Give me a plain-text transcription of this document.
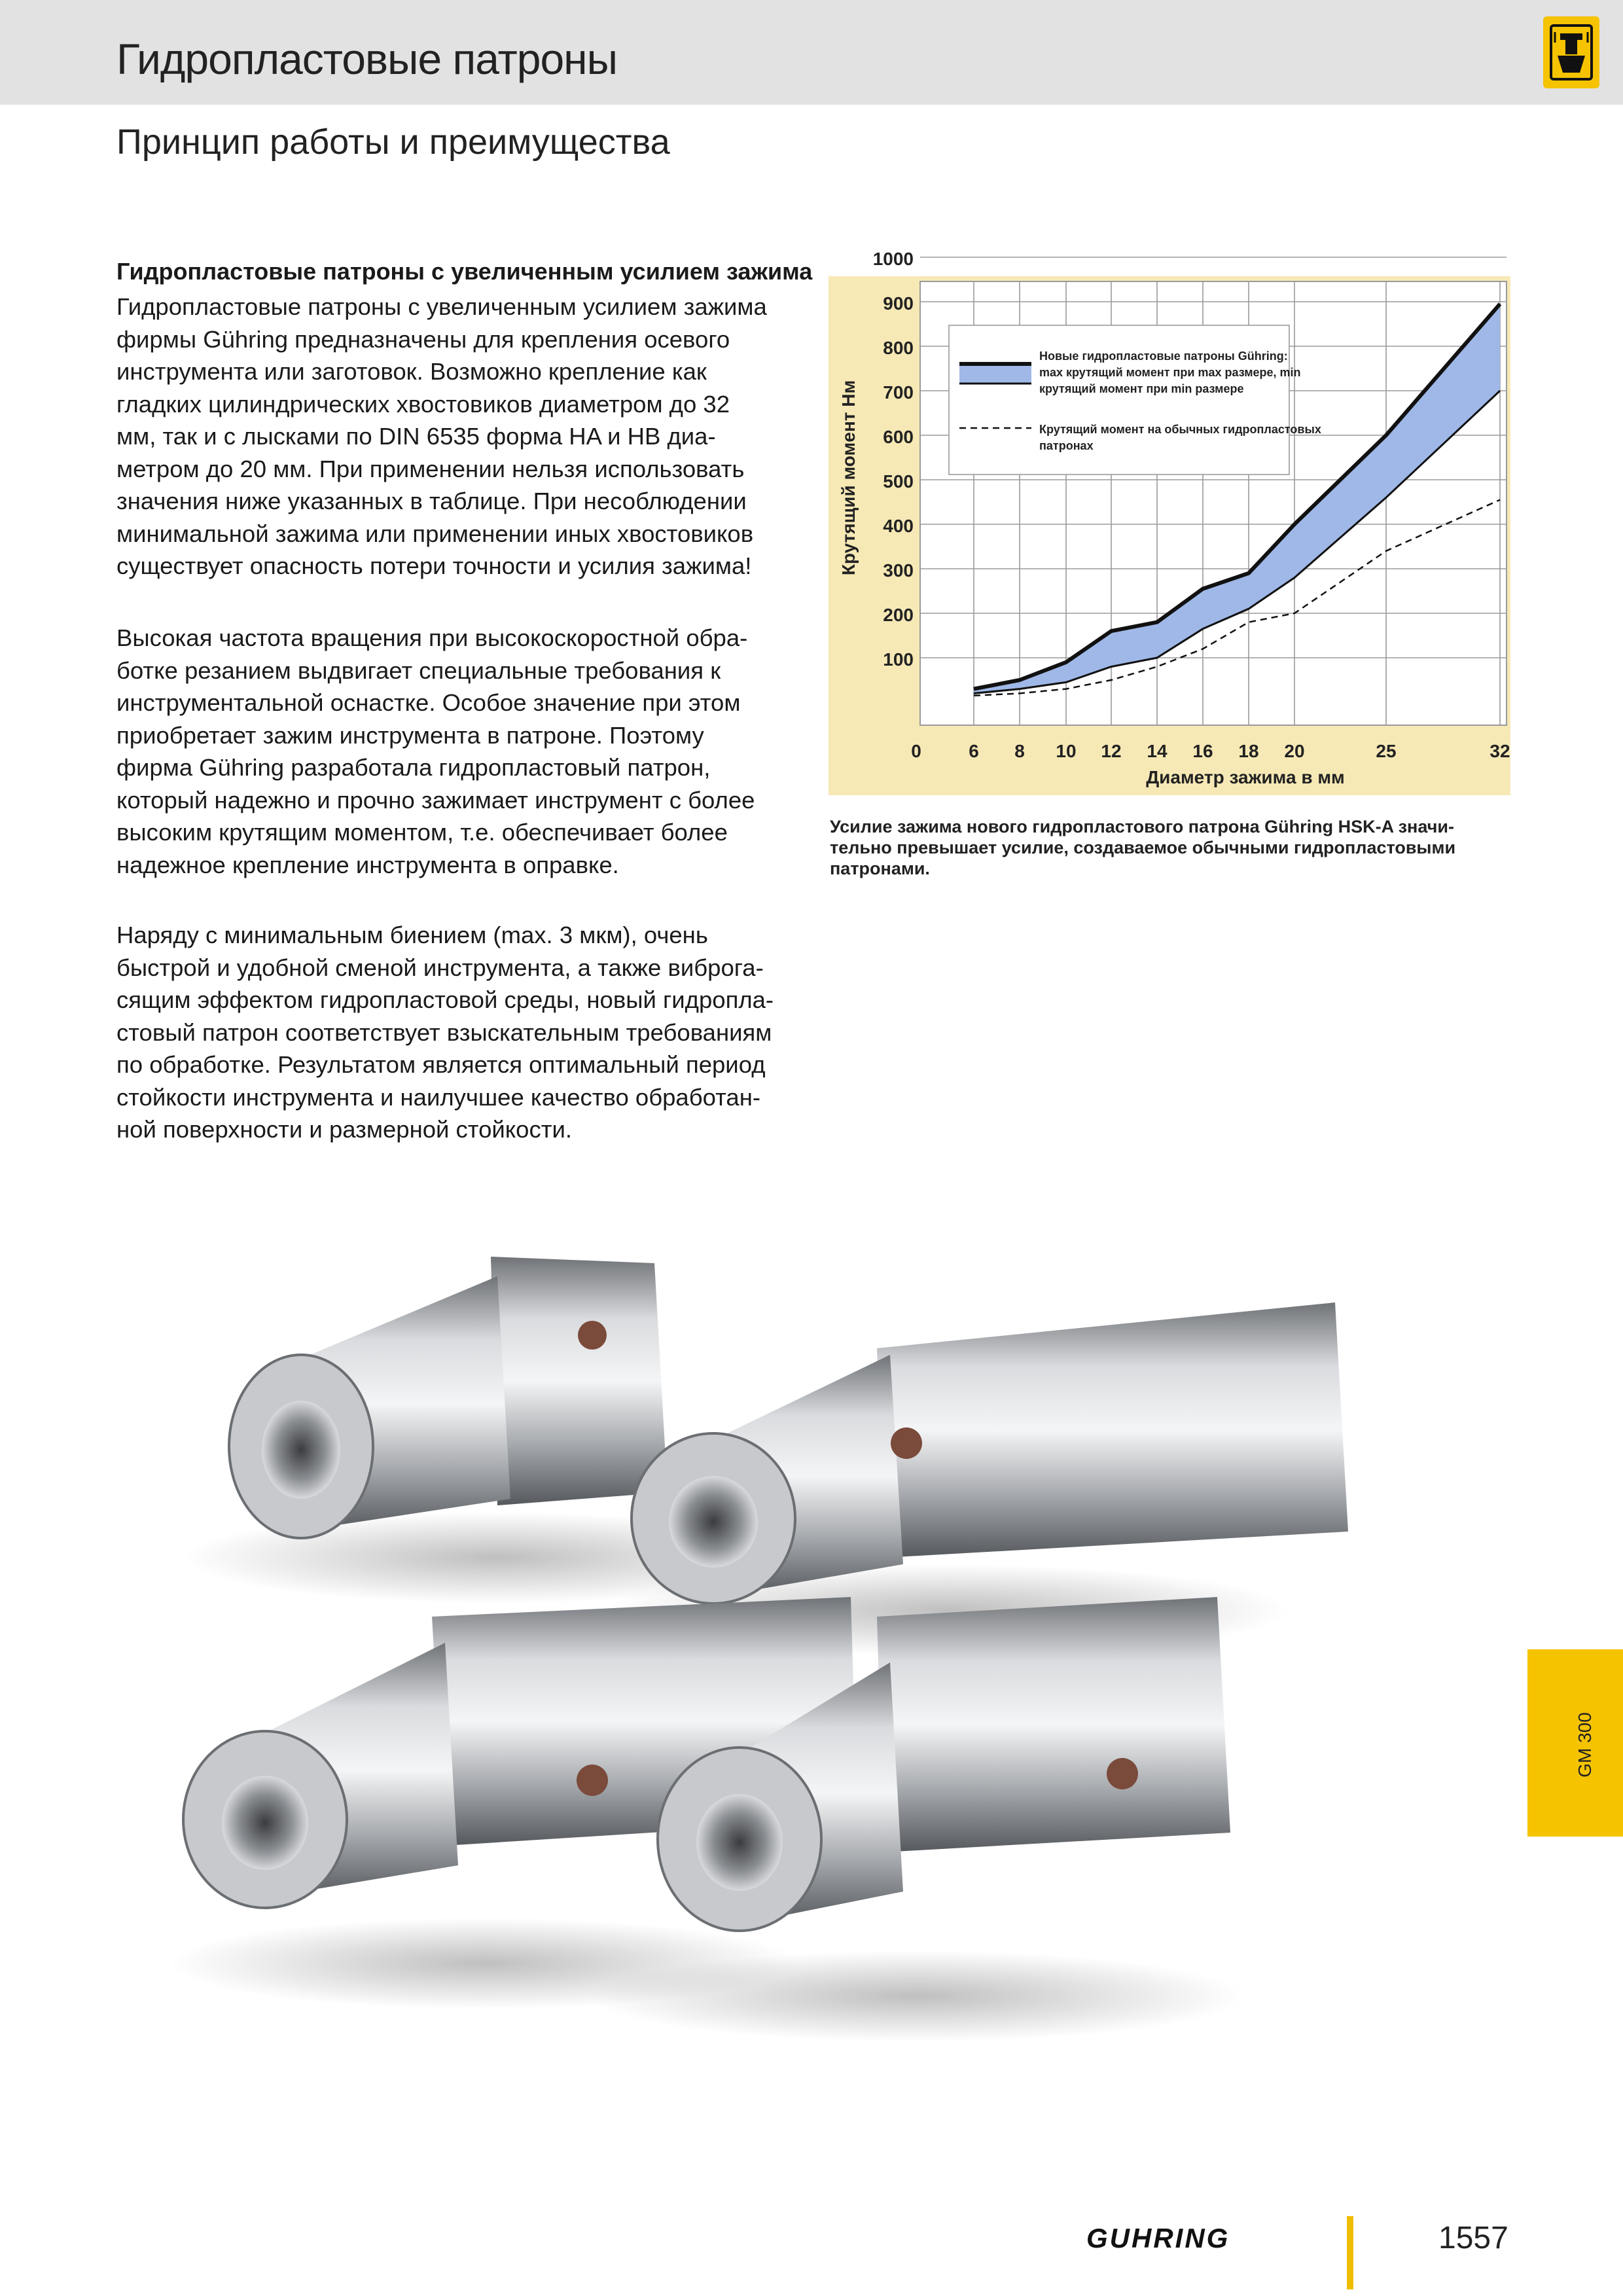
Гидропластовые патроны
Принцип работы и преимущества
Гидропластовые патроны с увеличенным усилием зажима

Гидропластовые патроны с увеличенным усилием зажима
фирмы Gühring предназначены для крепления осевого
инструмента или заготовок. Возможно крепление как
гладких цилиндрических хвостовиков диаметром до 32
мм, так и с лысками по DIN 6535 форма HA и HB диа-
метром до 20 мм. При применении нельзя использовать
значения ниже указанных в таблице. При несоблюдении
минимальной зажима или применении иных хвостовиков
существует опасность потери точности и усилия зажима!

Высокая частота вращения при высокоскоростной обра-
ботке резанием выдвигает специальные требования к
инструментальной оснастке. Особое значение при этом
приобретает зажим инструмента в патроне. Поэтому
фирма Gühring разработала гидропластовый патрон,
который надежно и прочно зажимает инструмент с более
высоким крутящим моментом, т.е. обеспечивает более
надежное крепление инструмента в оправке.

Наряду с минимальным биением (max. 3 мкм), очень
быстрой и удобной сменой инструмента, а также виброга-
сящим эффектом гидропластовой среды, новый гидропла-
стовый патрон соответствует взыскательным требованиям
по обработке. Результатом является оптимальный период
стойкости инструмента и наилучшее качество обработан-
ной поверхности и размерной стойкости.

100
200
300
400
500
600
700
800
900
1000
0	6 8 10 12 14 16 18 20	25	32
Диаметр зажима в мм
Крутящий момент Нм
Новые гидропластовые патроны Gühring:
max крутящий момент при max размере, min
крутящий момент при min размере
Крутящий момент на обычных гидропластовых
патронах
Усилие зажима нового гидропластового патрона Gühring HSK-A значи-
тельно превышает усилие, создаваемое обычными гидропластовыми
патронами.
GM 300
GUHRING	1557
